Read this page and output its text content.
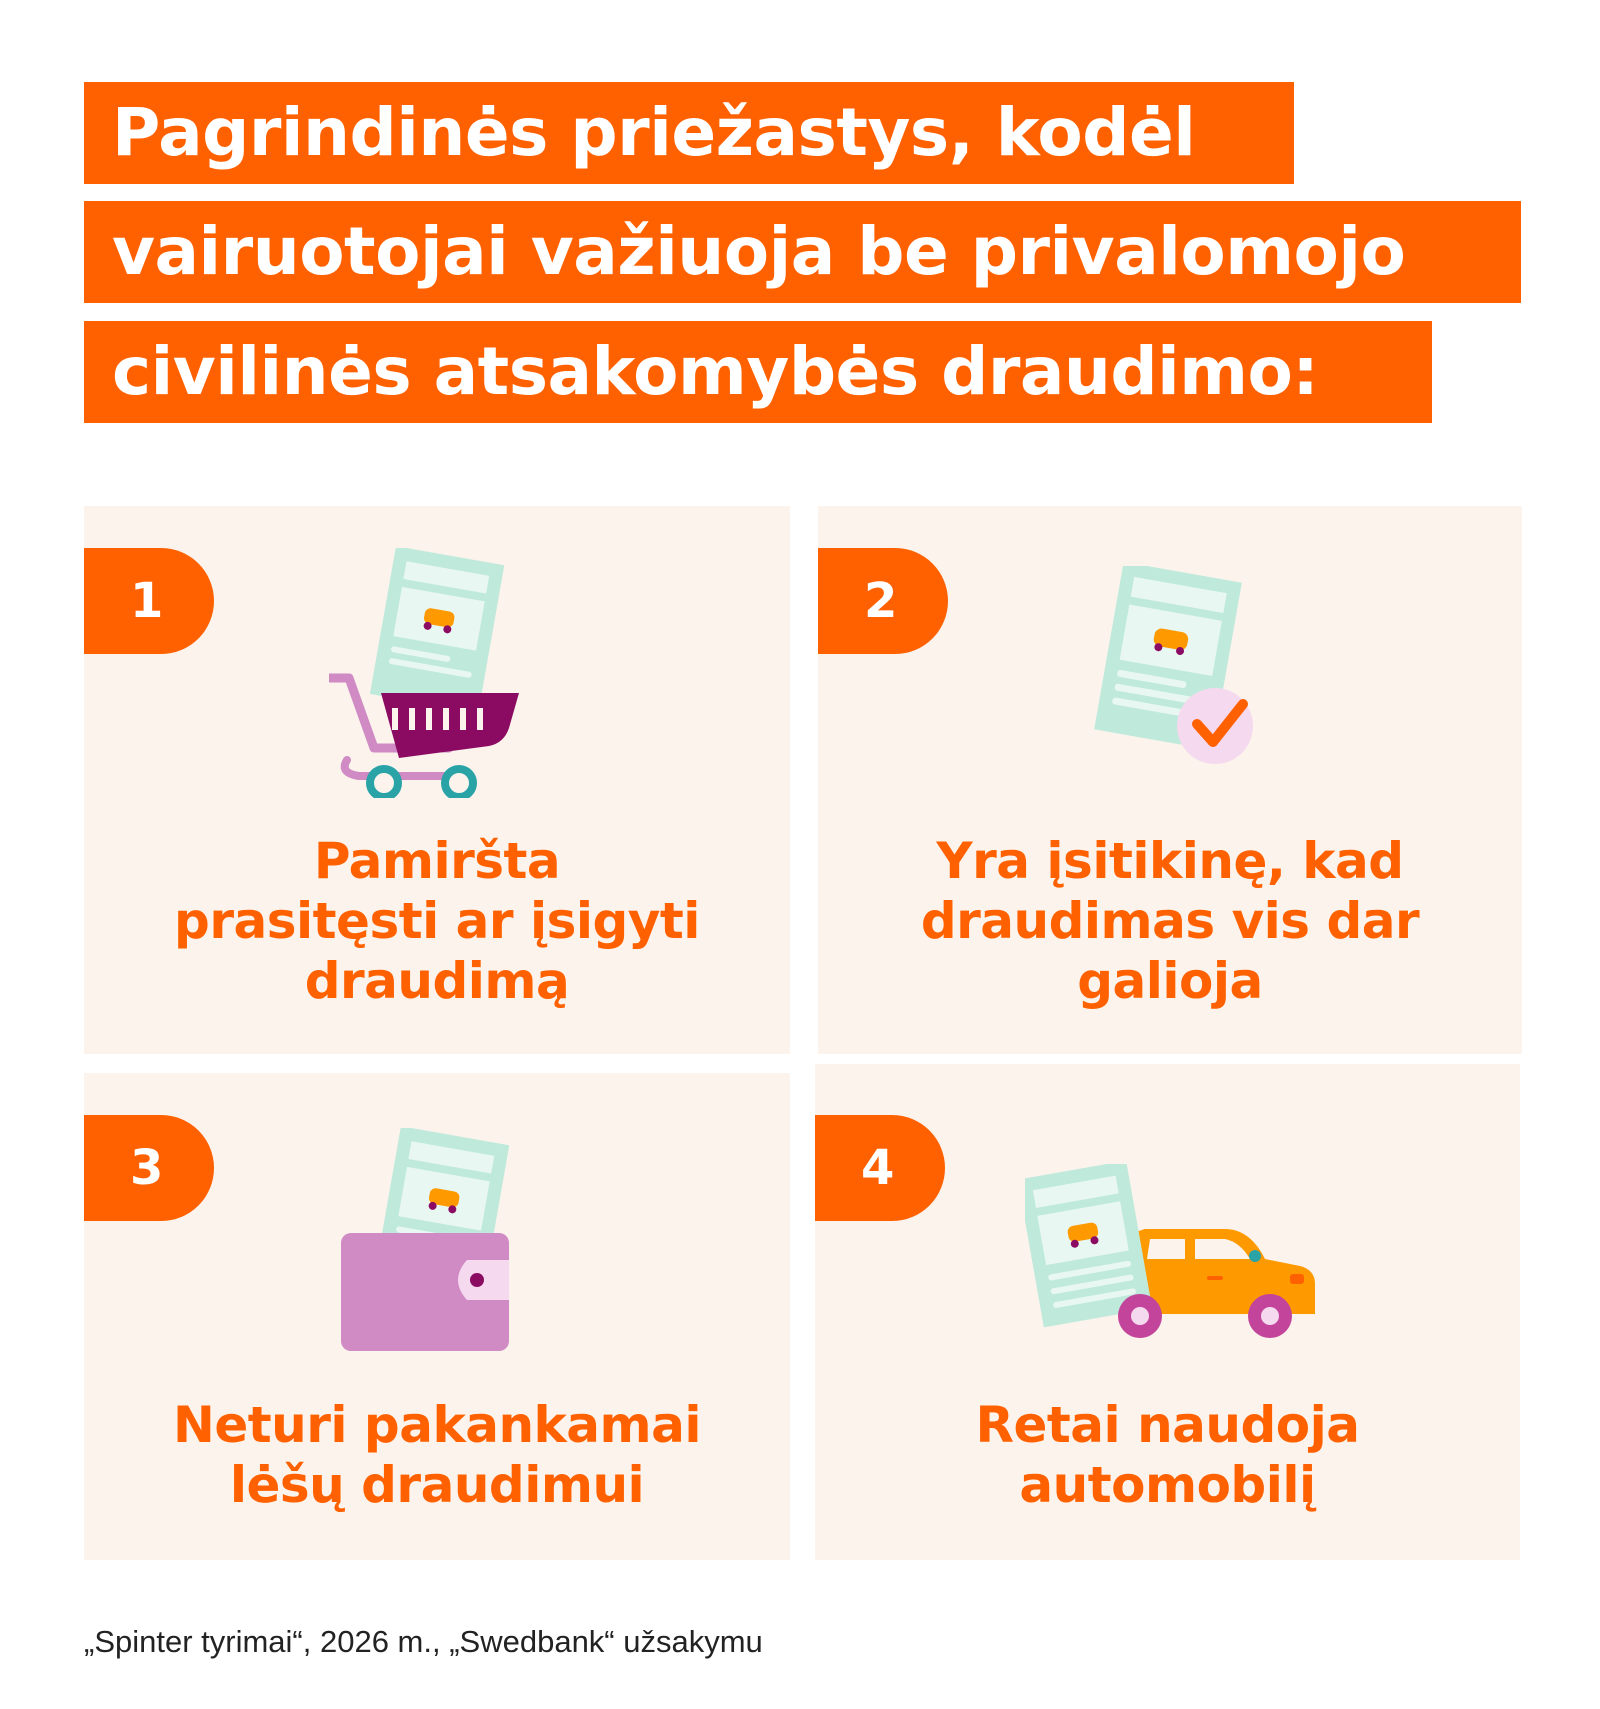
Pagrindinės priežastys, kodėl
vairuotojai važiuoja be privalomojo
civilinės atsakomybės draudimo:
1
Pamiršta
prasitęsti ar įsigyti
draudimą
2
Yra įsitikinę, kad
draudimas vis dar
galioja
3
Neturi pakankamai
lėšų draudimui
4
Retai naudoja
automobilį
„Spinter tyrimai“, 2026 m., „Swedbank“ užsakymu
